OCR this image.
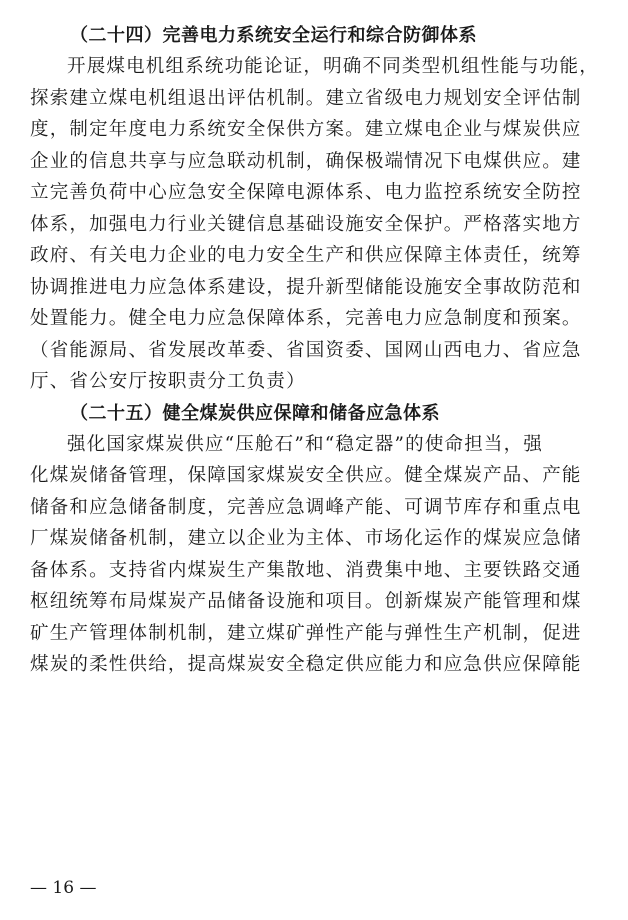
（二十四）完善电力系统安全运行和综合防御体系

开展煤电机组系统功能论证，明确不同类型机组性能与功能，

探索建立煤电机组退出评估机制。建立省级电力规划安全评估制

度，制定年度电力系统安全保供方案。建立煤电企业与煤炭供应

企业的信息共享与应急联动机制，确保极端情况下电煤供应。建

立完善负荷中心应急安全保障电源体系、电力监控系统安全防控

体系，加强电力行业关键信息基础设施安全保护。严格落实地方

政府、有关电力企业的电力安全生产和供应保障主体责任，统筹

协调推进电力应急体系建设，提升新型储能设施安全事故防范和

处置能力。健全电力应急保障体系，完善电力应急制度和预案。

（省能源局、省发展改革委、省国资委、国网山西电力、省应急

厅、省公安厅按职责分工负责）

（二十五）健全煤炭供应保障和储备应急体系

强化国家煤炭供应“压舱石”和“稳定器”的使命担当，强

化煤炭储备管理，保障国家煤炭安全供应。健全煤炭产品、产能

储备和应急储备制度，完善应急调峰产能、可调节库存和重点电

厂煤炭储备机制，建立以企业为主体、市场化运作的煤炭应急储

备体系。支持省内煤炭生产集散地、消费集中地、主要铁路交通

枢纽统筹布局煤炭产品储备设施和项目。创新煤炭产能管理和煤

矿生产管理体制机制，建立煤矿弹性产能与弹性生产机制，促进

煤炭的柔性供给，提高煤炭安全稳定供应能力和应急供应保障能

— 16 —
